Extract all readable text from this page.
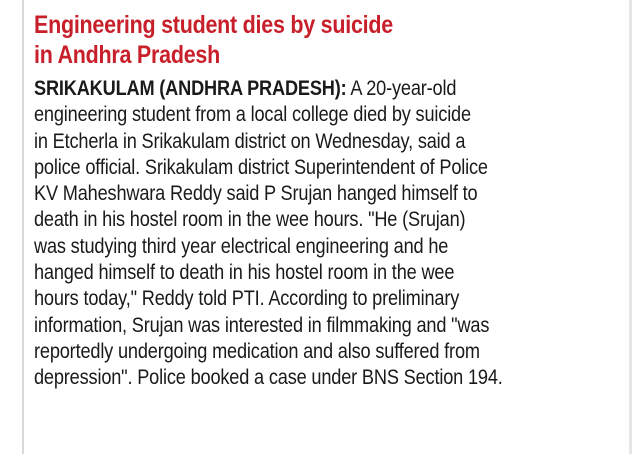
Engineering student dies by suicide
in Andhra Pradesh

SRIKAKULAM (ANDHRA PRADESH): A 20-year-old
engineering student from a local college died by suicide
in Etcherla in Srikakulam district on Wednesday, said a
police official. Srikakulam district Superintendent of Police
KV Maheshwara Reddy said P Srujan hanged himself to
death in his hostel room in the wee hours. "He (Srujan)
was studying third year electrical engineering and he
hanged himself to death in his hostel room in the wee
hours today," Reddy told PTI. According to preliminary
information, Srujan was interested in filmmaking and "was
reportedly undergoing medication and also suffered from
depression". Police booked a case under BNS Section 194.
